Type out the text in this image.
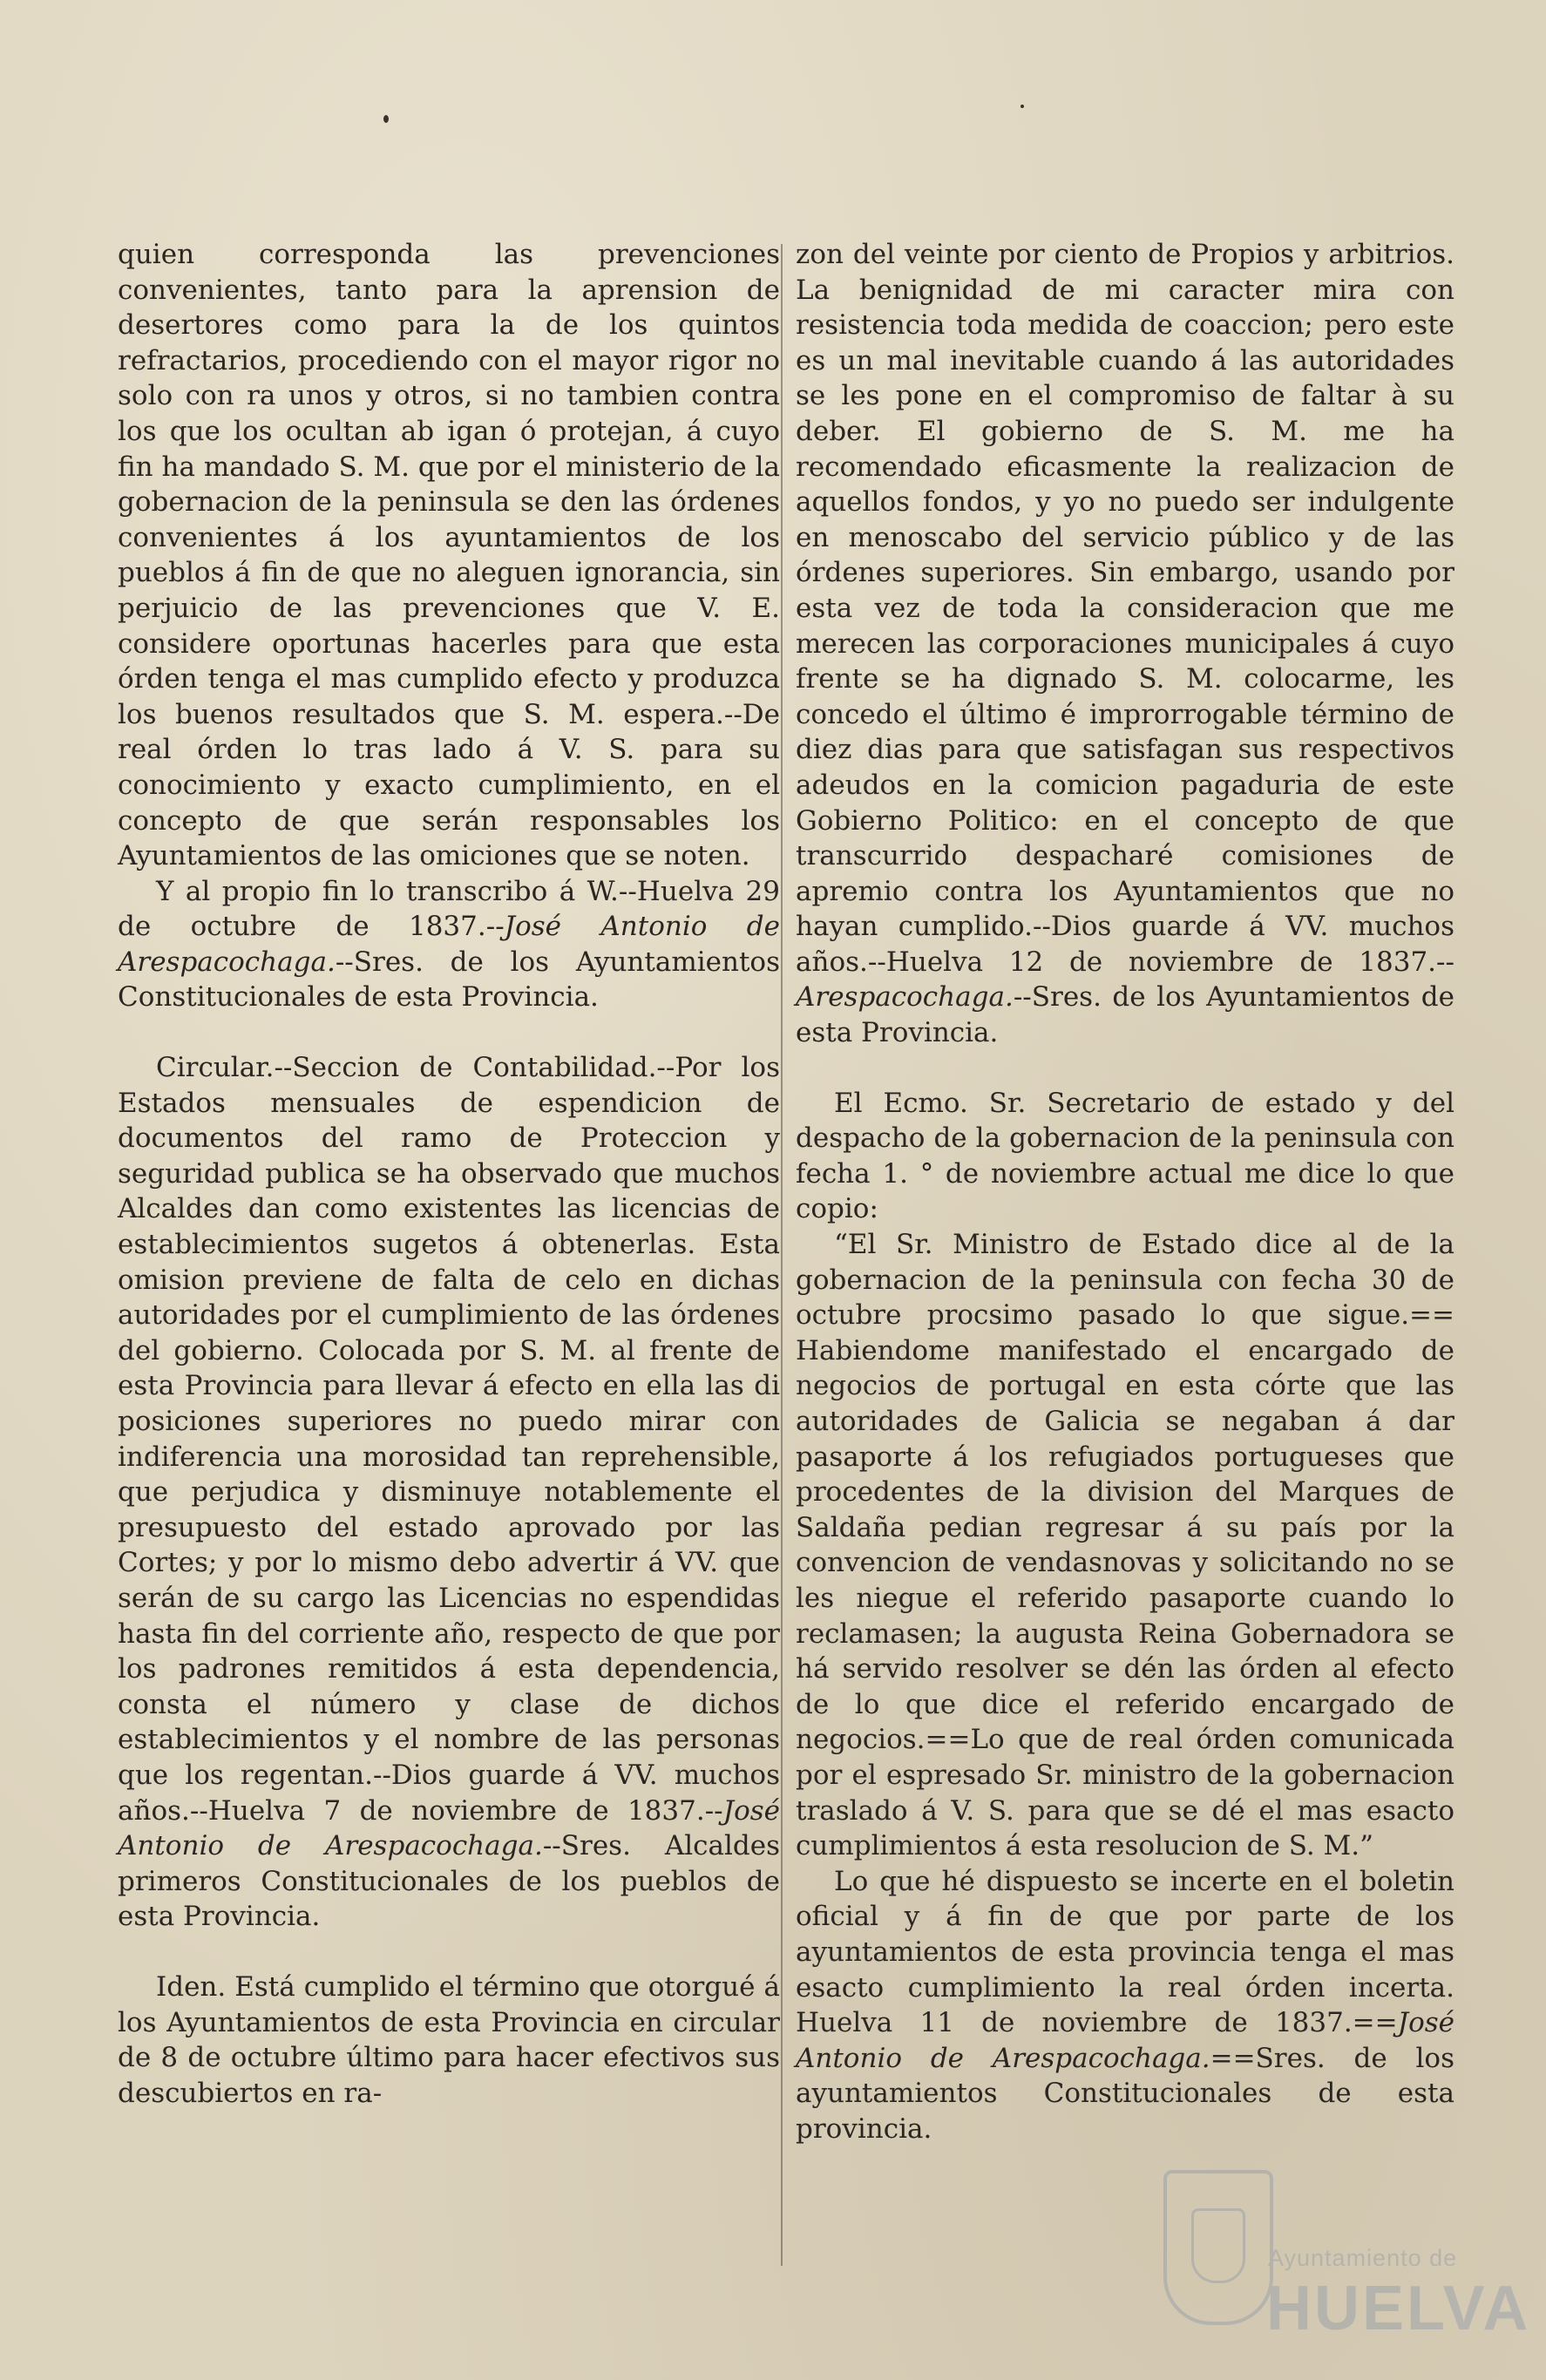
quien corresponda las prevenciones convenientes, tanto para la aprension de desertores como para la de los quintos refractarios, procediendo con el mayor rigor no solo con ra unos y otros, si no tambien contra los que los ocultan ab igan ó protejan, á cuyo fin ha mandado S. M. que por el ministerio de la gobernacion de la peninsula se den las órdenes convenientes á los ayuntamientos de los pueblos á fin de que no aleguen ignorancia, sin perjuicio de las prevenciones que V. E. considere oportunas hacerles para que esta órden tenga el mas cumplido efecto y produzca los buenos resultados que S. M. espera.--De real órden lo tras lado á V. S. para su conocimiento y exacto cumplimiento, en el concepto de que serán responsables los Ayuntamientos de las omiciones que se noten.

Y al propio fin lo transcribo á W.--Huelva 29 de octubre de 1837.--José Antonio de Arespacochaga.--Sres. de los Ayuntamientos Constitucionales de esta Provincia.

Circular.--Seccion de Contabilidad.--Por los Estados mensuales de espendicion de documentos del ramo de Proteccion y seguridad publica se ha observado que muchos Alcaldes dan como existentes las licencias de establecimientos sugetos á obtenerlas. Esta omision previene de falta de celo en dichas autoridades por el cumplimiento de las órdenes del gobierno. Colocada por S. M. al frente de esta Provincia para llevar á efecto en ella las di posiciones superiores no puedo mirar con indiferencia una morosidad tan reprehensible, que perjudica y disminuye notablemente el presupuesto del estado aprovado por las Cortes; y por lo mismo debo advertir á VV. que serán de su cargo las Licencias no espendidas hasta fin del corriente año, respecto de que por los padrones remitidos á esta dependencia, consta el número y clase de dichos establecimientos y el nombre de las personas que los regentan.--Dios guarde á VV. muchos años.--Huelva 7 de noviembre de 1837.--José Antonio de Arespacochaga.--Sres. Alcaldes primeros Constitucionales de los pueblos de esta Provincia.

Iden. Está cumplido el término que otorgué á los Ayuntamientos de esta Provincia en circular de 8 de octubre último para hacer efectivos sus descubiertos en ra-

zon del veinte por ciento de Propios y arbitrios. La benignidad de mi caracter mira con resistencia toda medida de coaccion; pero este es un mal inevitable cuando á las autoridades se les pone en el compromiso de faltar à su deber. El gobierno de S. M. me ha recomendado eficasmente la realizacion de aquellos fondos, y yo no puedo ser indulgente en menoscabo del servicio público y de las órdenes superiores. Sin embargo, usando por esta vez de toda la consideracion que me merecen las corporaciones municipales á cuyo frente se ha dignado S. M. colocarme, les concedo el último é improrrogable término de diez dias para que satisfagan sus respectivos adeudos en la comicion pagaduria de este Gobierno Politico: en el concepto de que transcurrido despacharé comisiones de apremio contra los Ayuntamientos que no hayan cumplido.--Dios guarde á VV. muchos años.--Huelva 12 de noviembre de 1837.--Arespacochaga.--Sres. de los Ayuntamientos de esta Provincia.

El Ecmo. Sr. Secretario de estado y del despacho de la gobernacion de la peninsula con fecha 1. ° de noviembre actual me dice lo que copio:

“El Sr. Ministro de Estado dice al de la gobernacion de la peninsula con fecha 30 de octubre procsimo pasado lo que sigue.== Habiendome manifestado el encargado de negocios de portugal en esta córte que las autoridades de Galicia se negaban á dar pasaporte á los refugiados portugueses que procedentes de la division del Marques de Saldaña pedian regresar á su país por la convencion de vendasnovas y solicitando no se les niegue el referido pasaporte cuando lo reclamasen; la augusta Reina Gobernadora se há servido resolver se dén las órden al efecto de lo que dice el referido encargado de negocios.==Lo que de real órden comunicada por el espresado Sr. ministro de la gobernacion traslado á V. S. para que se dé el mas esacto cumplimientos á esta resolucion de S. M.”

Lo que hé dispuesto se incerte en el boletin oficial y á fin de que por parte de los ayuntamientos de esta provincia tenga el mas esacto cumplimiento la real órden incerta. Huelva 11 de noviembre de 1837.==José Antonio de Arespacochaga.==Sres. de los ayuntamientos Constitucionales de esta provincia.

Ayuntamiento de
HUELVA
